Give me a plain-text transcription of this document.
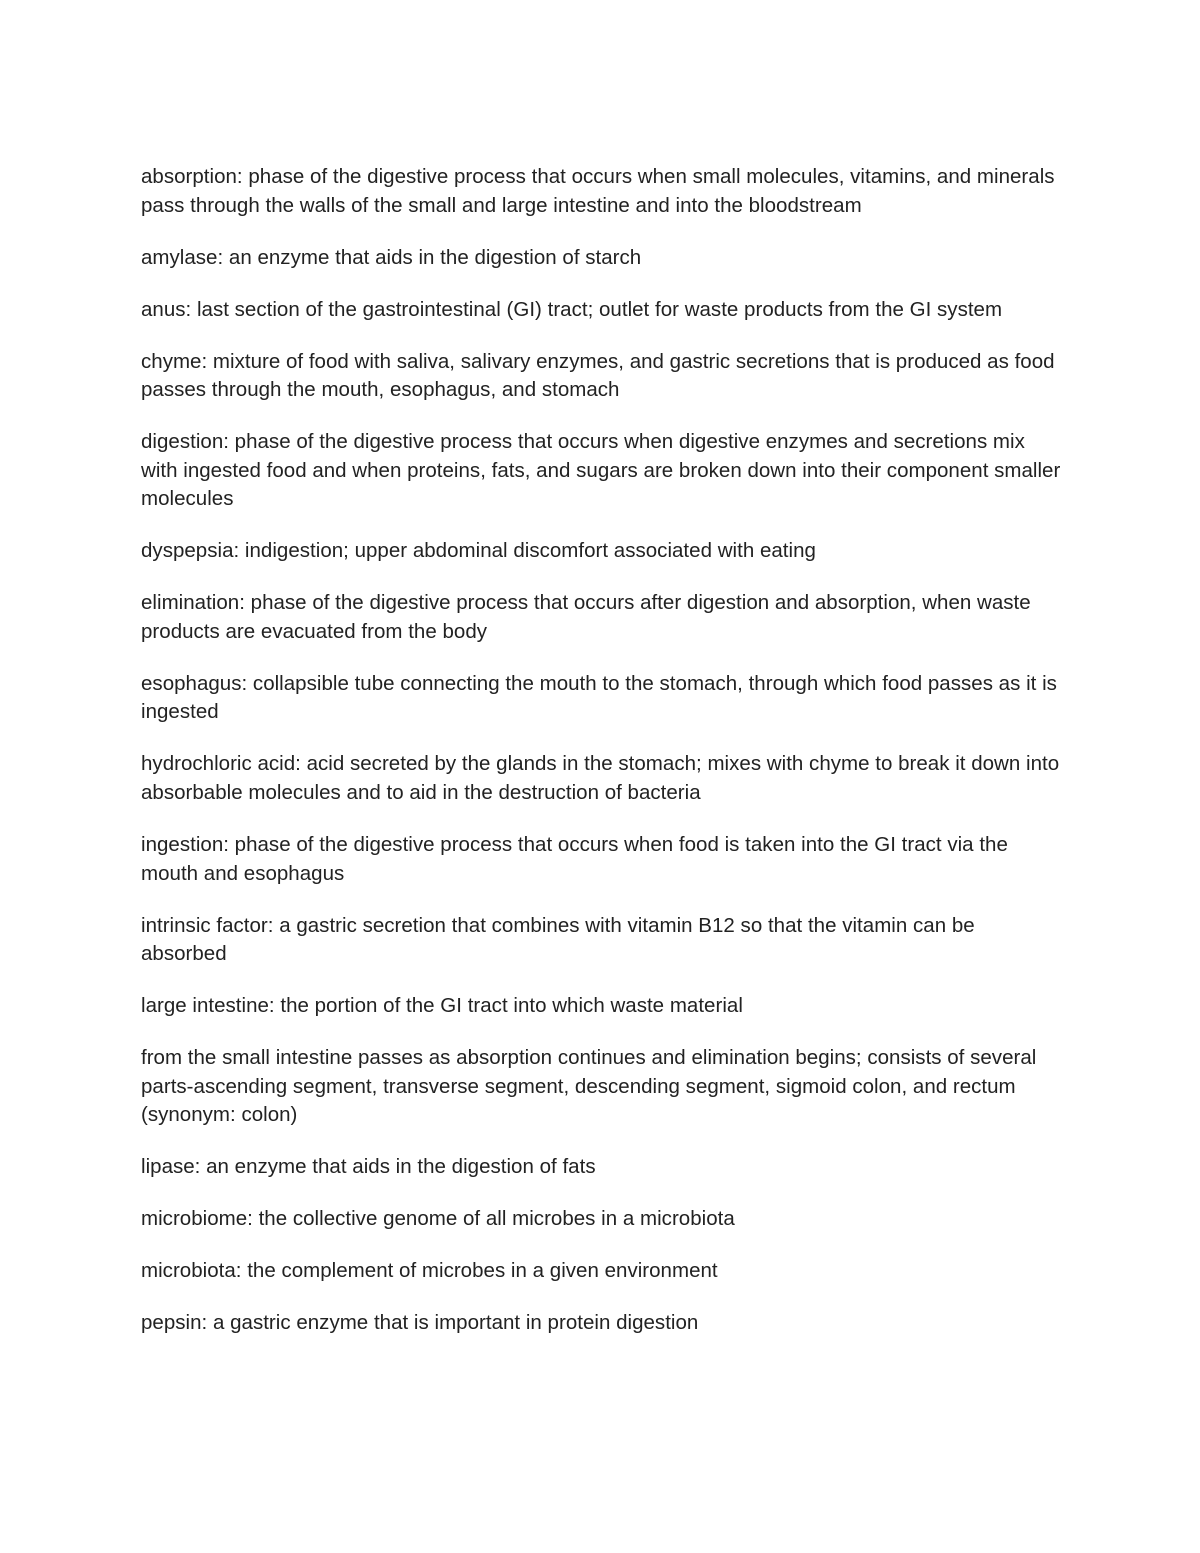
absorption: phase of the digestive process that occurs when small molecules, vitamins, and minerals pass through the walls of the small and large intestine and into the bloodstream

amylase: an enzyme that aids in the digestion of starch

anus: last section of the gastrointestinal (GI) tract; outlet for waste products from the GI system

chyme: mixture of food with saliva, salivary enzymes, and gastric secretions that is produced as food passes through the mouth, esophagus, and stomach

digestion: phase of the digestive process that occurs when digestive enzymes and secretions mix with ingested food and when proteins, fats, and sugars are broken down into their component smaller molecules

dyspepsia: indigestion; upper abdominal discomfort associated with eating

elimination: phase of the digestive process that occurs after digestion and absorption, when waste products are evacuated from the body

esophagus: collapsible tube connecting the mouth to the stomach, through which food passes as it is ingested

hydrochloric acid: acid secreted by the glands in the stomach; mixes with chyme to break it down into absorbable molecules and to aid in the destruction of bacteria

ingestion: phase of the digestive process that occurs when food is taken into the GI tract via the mouth and esophagus

intrinsic factor: a gastric secretion that combines with vitamin B12 so that the vitamin can be absorbed

large intestine: the portion of the GI tract into which waste material

from the small intestine passes as absorption continues and elimination begins; consists of several parts-ascending segment, transverse segment, descending segment, sigmoid colon, and rectum (synonym: colon)

lipase: an enzyme that aids in the digestion of fats

microbiome: the collective genome of all microbes in a microbiota

microbiota: the complement of microbes in a given environment

pepsin: a gastric enzyme that is important in protein digestion
